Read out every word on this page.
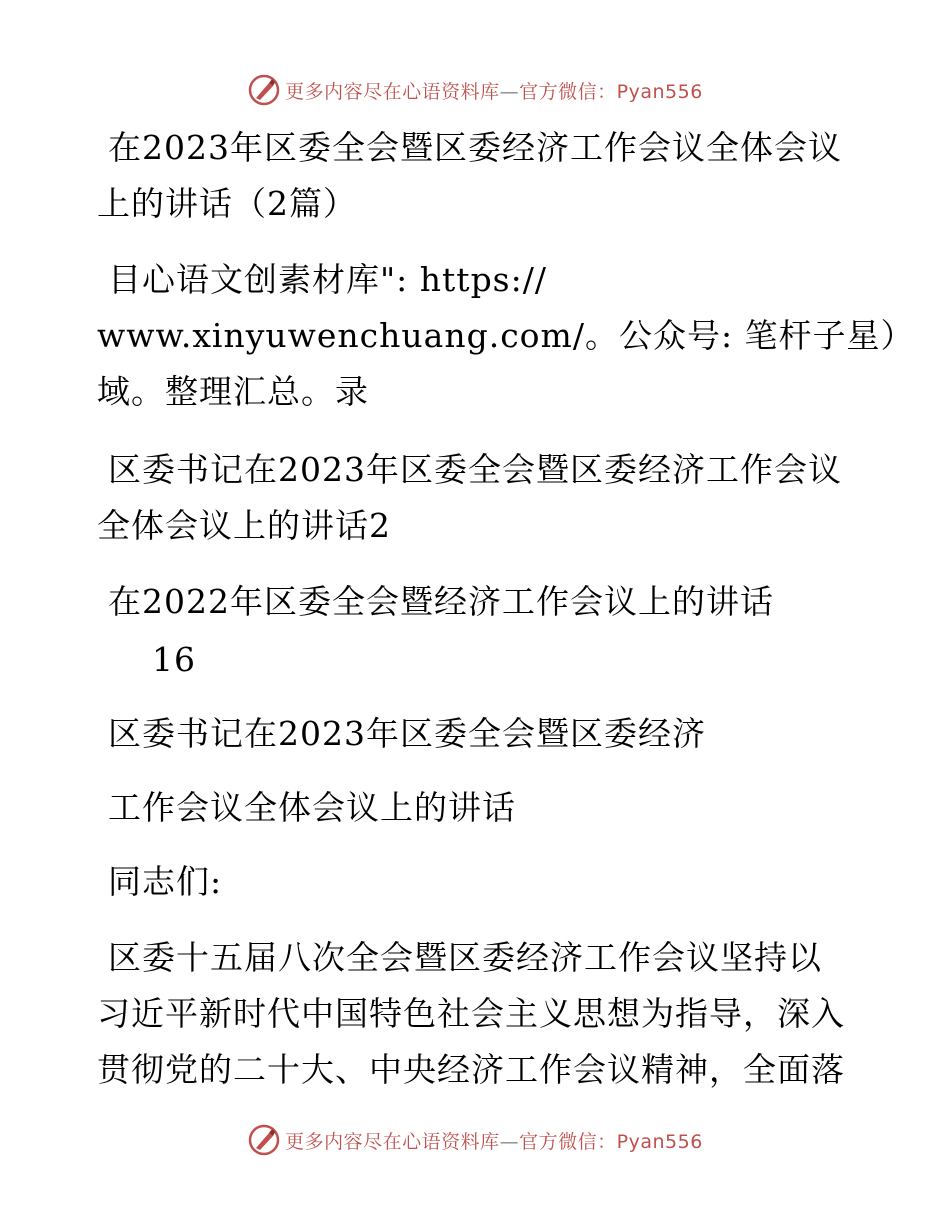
更多内容尽在心语资料库—官方微信：Pyan556
在2023年区委全会暨区委经济工作会议全体会议
上的讲话（2篇）
目心语文创素材库": https://
www.xinyuwenchuang.com/。公众号: 笔杆子星）
域。整理汇总。录
区委书记在2023年区委全会暨区委经济工作会议
全体会议上的讲话2
在2022年区委全会暨经济工作会议上的讲话
16
区委书记在2023年区委全会暨区委经济
工作会议全体会议上的讲话
同志们:
区委十五届八次全会暨区委经济工作会议坚持以
习近平新时代中国特色社会主义思想为指导，深入
贯彻党的二十大、中央经济工作会议精神，全面落
更多内容尽在心语资料库—官方微信：Pyan556
